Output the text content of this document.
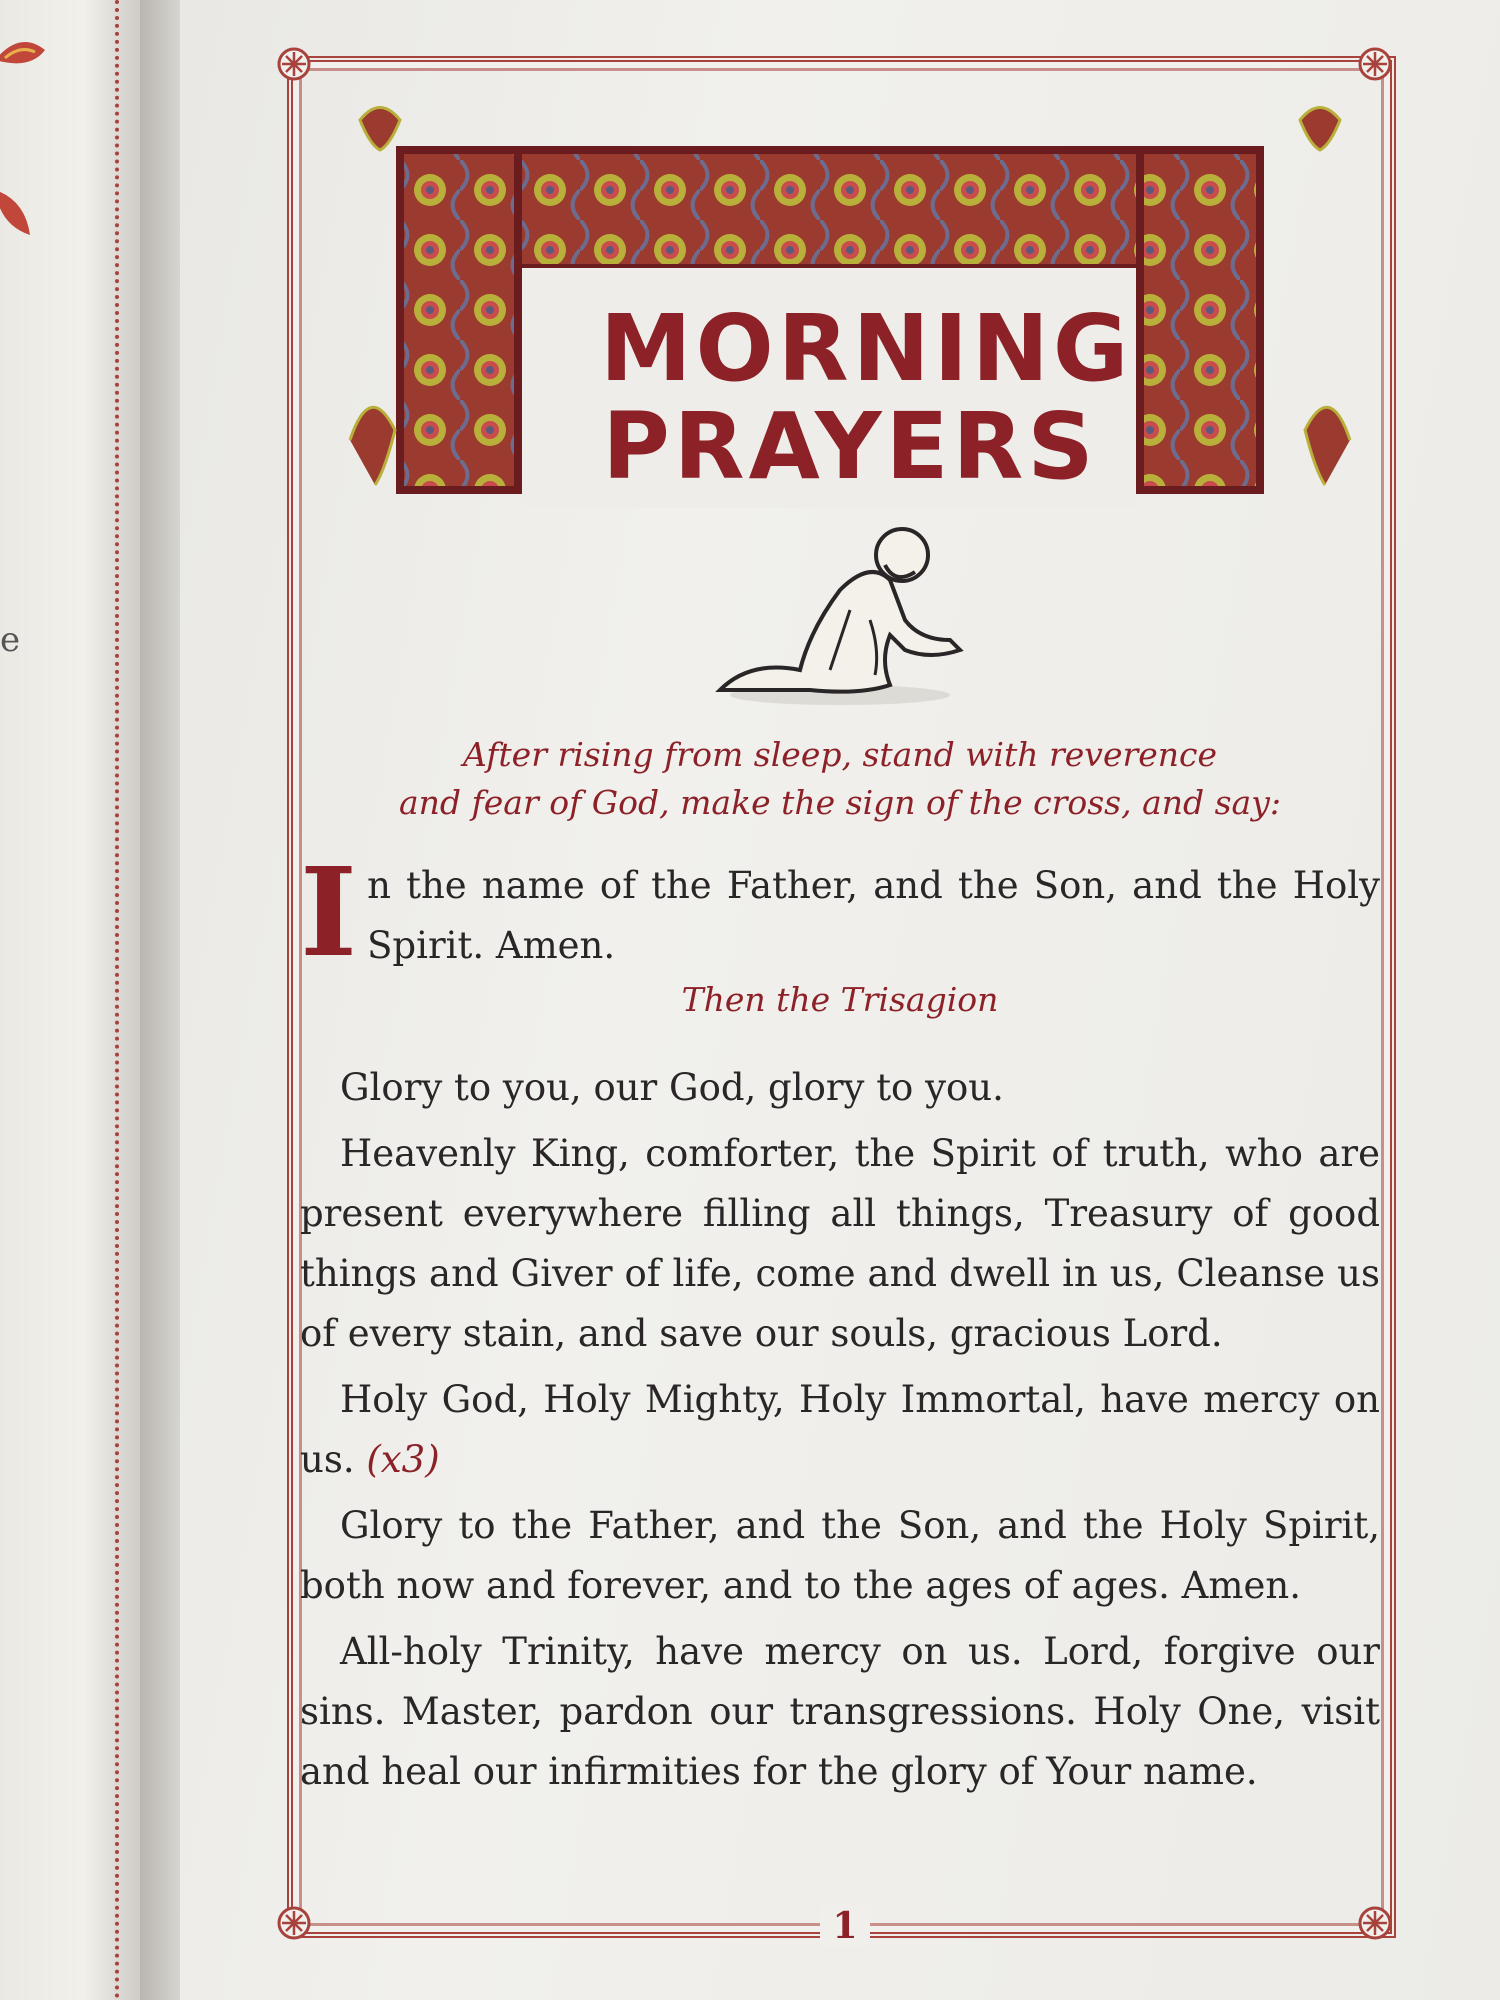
e
MORNING
PRAYERS
After rising from sleep, stand with reverence
and fear of God, make the sign of the cross, and say:

In the name of the Father, and the Son, and the Holy Spirit. Amen.

Then the Trisagion

Glory to you, our God, glory to you.

Heavenly King, comforter, the Spirit of truth, who are present everywhere filling all things, Treasury of good things and Giver of life, come and dwell in us, Cleanse us of every stain, and save our souls, gracious Lord.

Holy God, Holy Mighty, Holy Immortal, have mercy on us. (x3)

Glory to the Father, and the Son, and the Holy Spirit, both now and forever, and to the ages of ages. Amen.

All-holy Trinity, have mercy on us. Lord, forgive our sins. Master, pardon our transgressions. Holy One, visit and heal our infirmities for the glory of Your name.

1
